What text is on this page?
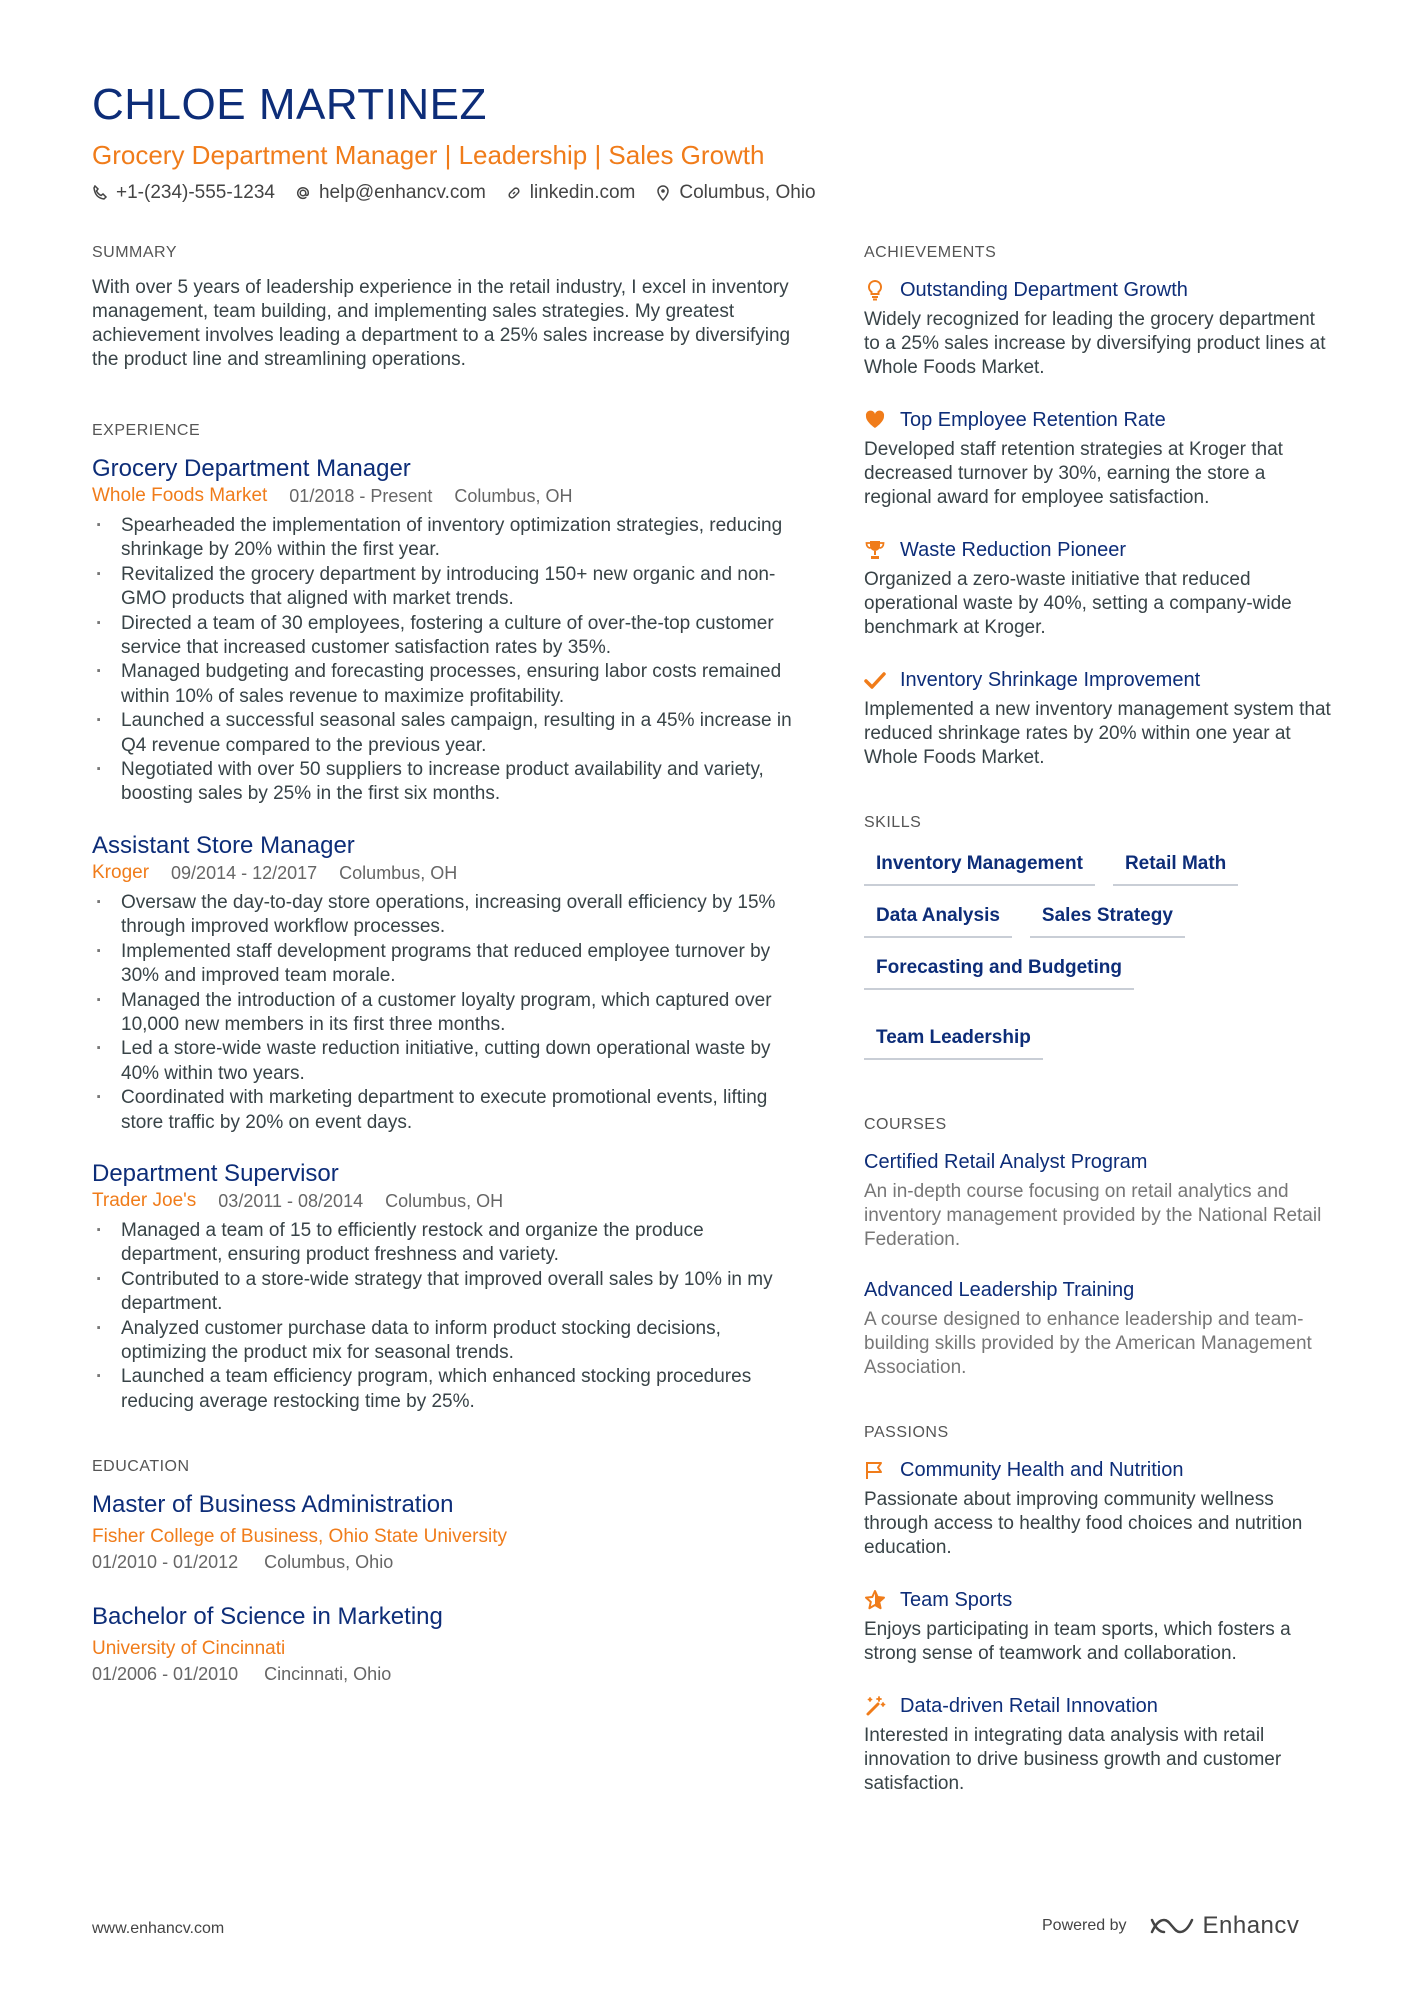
CHLOE MARTINEZ
Grocery Department Manager | Leadership | Sales Growth
+1-(234)-555-1234 help@enhancv.com linkedin.com Columbus, Ohio
SUMMARY
With over 5 years of leadership experience in the retail industry, I excel in inventory management, team building, and implementing sales strategies. My greatest achievement involves leading a department to a 25% sales increase by diversifying the product line and streamlining operations.
EXPERIENCE
Grocery Department Manager
Whole Foods Market 01/2018 - Present Columbus, OH
· Spearheaded the implementation of inventory optimization strategies, reducing shrinkage by 20% within the first year.
· Revitalized the grocery department by introducing 150+ new organic and non-GMO products that aligned with market trends.
· Directed a team of 30 employees, fostering a culture of over-the-top customer service that increased customer satisfaction rates by 35%.
· Managed budgeting and forecasting processes, ensuring labor costs remained within 10% of sales revenue to maximize profitability.
· Launched a successful seasonal sales campaign, resulting in a 45% increase in Q4 revenue compared to the previous year.
· Negotiated with over 50 suppliers to increase product availability and variety, boosting sales by 25% in the first six months.
Assistant Store Manager
Kroger 09/2014 - 12/2017 Columbus, OH
· Oversaw the day-to-day store operations, increasing overall efficiency by 15% through improved workflow processes.
· Implemented staff development programs that reduced employee turnover by 30% and improved team morale.
· Managed the introduction of a customer loyalty program, which captured over 10,000 new members in its first three months.
· Led a store-wide waste reduction initiative, cutting down operational waste by 40% within two years.
· Coordinated with marketing department to execute promotional events, lifting store traffic by 20% on event days.
Department Supervisor
Trader Joe's 03/2011 - 08/2014 Columbus, OH
· Managed a team of 15 to efficiently restock and organize the produce department, ensuring product freshness and variety.
· Contributed to a store-wide strategy that improved overall sales by 10% in my department.
· Analyzed customer purchase data to inform product stocking decisions, optimizing the product mix for seasonal trends.
· Launched a team efficiency program, which enhanced stocking procedures reducing average restocking time by 25%.
EDUCATION
Master of Business Administration
Fisher College of Business, Ohio State University
01/2010 - 01/2012 Columbus, Ohio
Bachelor of Science in Marketing
University of Cincinnati
01/2006 - 01/2010 Cincinnati, Ohio
ACHIEVEMENTS
Outstanding Department Growth
Widely recognized for leading the grocery department to a 25% sales increase by diversifying product lines at Whole Foods Market.
Top Employee Retention Rate
Developed staff retention strategies at Kroger that decreased turnover by 30%, earning the store a regional award for employee satisfaction.
Waste Reduction Pioneer
Organized a zero-waste initiative that reduced operational waste by 40%, setting a company-wide benchmark at Kroger.
Inventory Shrinkage Improvement
Implemented a new inventory management system that reduced shrinkage rates by 20% within one year at Whole Foods Market.
SKILLS
Inventory Management	Retail Math
Data Analysis	Sales Strategy
Forecasting and Budgeting
Team Leadership
COURSES
Certified Retail Analyst Program
An in-depth course focusing on retail analytics and inventory management provided by the National Retail Federation.
Advanced Leadership Training
A course designed to enhance leadership and team-building skills provided by the American Management Association.
PASSIONS
Community Health and Nutrition
Passionate about improving community wellness through access to healthy food choices and nutrition education.
Team Sports
Enjoys participating in team sports, which fosters a strong sense of teamwork and collaboration.
Data-driven Retail Innovation
Interested in integrating data analysis with retail innovation to drive business growth and customer satisfaction.
www.enhancv.com	Powered by	Enhancv
